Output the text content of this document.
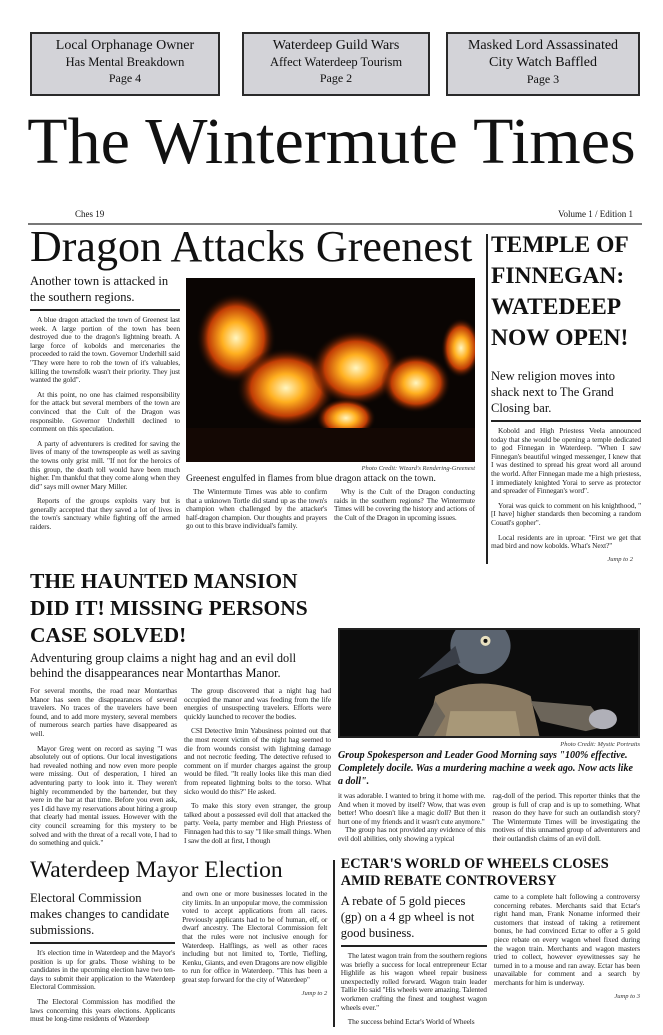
Local Orphanage Owner
Has Mental Breakdown
Page 4
Waterdeep Guild Wars
Affect Waterdeep Tourism
Page 2
Masked Lord Assassinated
City Watch Baffled
Page 3
The Wintermute Times
Ches 19	Volume 1 / Edition 1
Dragon Attacks Greenest
Another town is attacked in the southern regions.

A blue dragon attacked the town of Greenest last week. A large portion of the town has been destroyed due to the dragon's lightning breath. A large force of kobolds and mercenaries the proceeded to raid the town. Governor Underhill said "They were here to rob the town of it's valuables, killing the townsfolk wasn't their priority. They just wanted the gold".

At this point, no one has claimed responsibility for the attack but several members of the town are convinced that the Cult of the Dragon was responsible. Governor Underhill declined to comment on this speculation.

A party of adventurers is credited for saving the lives of many of the townspeople as well as saving the towns only grist mill. "If not for the heroics of this group, the death toll would have been much higher. I'm thankful that they come along when they did" says mill owner Mary Miller.

Reports of the groups exploits vary but is generally accepted that they saved a lot of lives in the town's sanctuary while fighting off the armed raiders.

Photo Credit: Wizard's Rendering-Greenest
Greenest engulfed in flames from blue dragon attack on the town.

The Wintermute Times was able to confirm that a unknown Tortle did stand up as the town's champion when challenged by the attacker's half-dragon champion. Our thoughts and prayers go out to this brave individual's family.

Why is the Cult of the Dragon conducting raids in the southern regions? The Wintermute Times will be covering the history and actions of the Cult of the Dragon in upcoming issues.

TEMPLE OF
FINNEGAN:
WATEDEEP
NOW OPEN!
New religion moves into shack next to The Grand Closing bar.

Kobold and High Priestess Veela announced today that she would be opening a temple dedicated to god Finnegan in Waterdeep. "When I saw Finnegan's beautiful winged messenger, I knew that I was destined to spread his great word all around the world. After Finnegan made me a high priestess, I immediately knighted Yorai to serve as protector and spreader of Finnegan's word".

Yorai was quick to comment on his knighthood, "[I have] higher standards then becoming a random Couatl's gopher".

Local residents are in uproar. "First we get that mad bird and now kobolds. What's Next?"

Jump to 2
THE HAUNTED MANSION
DID IT! MISSING PERSONS
CASE SOLVED!
Adventuring group claims a night hag and an evil doll behind the disappearances near Montarthas Manor.

For several months, the road near Montarthas Manor has seen the disappearances of several travelers. No traces of the travelers have been found, and to add more mystery, several members of numerous search parties have disappeared as well.

Mayor Greg went on record as saying "I was absolutely out of options. Our local investigations had revealed nothing and now even more people were missing. Out of desperation, I hired an adventuring party to look into it. They weren't highly recommended by the bartender, but they were in the bar at that time. Before you even ask, yes I did have my reservations about hiring a group that clearly had mental issues. However with the city council screaming for this mystery to be solved and with the threat of a recall vote, I had to do something and quick."

The group discovered that a night hag had occupied the manor and was feeding from the life energies of unsuspecting travelers. Efforts were quickly launched to recover the bodies.

CSI Detective Imin Yabusiness pointed out that the most recent victim of the night hag seemed to die from wounds consist with lightning damage and not necrotic feeding. The detective refused to comment on if murder charges against the group would be filed. "It really looks like this man died from repeated lightning bolts to the torso. What sicko would do this?" He asked.

To make this story even stranger, the group talked about a possessed evil doll that attacked the party. Veela, party member and High Priestess of Finnagen had this to say "I like small things. When I saw the doll at first, I though

Photo Credit: Mystic Portraits
Group Spokesperson and Leader Good Morning says "100% effective. Completely docile. Was a murdering machine a week ago. Now acts like a doll".

it was adorable. I wanted to bring it home with me. And when it moved by itself? Wow, that was even better! Who doesn't like a magic doll? But then it hurt one of my friends and it wasn't cute anymore."

The group has not provided any evidence of this evil doll abilities, only showing a typical

rag-doll of the period. This reporter thinks that the group is full of crap and is up to something. What reason do they have for such an outlandish story? The Wintermute Times will be investigating the motives of this unnamed group of adventurers and their outlandish claims of an evil doll.

Waterdeep Mayor Election
Electoral Commission makes changes to candidate submissions.

It's election time in Waterdeep and the Mayor's position is up for grabs. Those wishing to be candidates in the upcoming election have two ten-days to submit their application to the Waterdeep Electoral Commission.

The Electoral Commission has modified the laws concerning this years elections. Applicants must be long-time residents of Waterdeep

and own one or more businesses located in the city limits. In an unpopular move, the commission voted to accept applications from all races. Previously applicants had to be of human, elf, or dwarf ancestry. The Electoral Commission felt that the rules were not inclusive enough for Waterdeep. Halflings, as well as other races including but not limited to, Tortle, Tiefling, Kenku, Giants, and even Dragons are now eligible to run for office in Waterdeep. "This has been a great step forward for the city of Waterdeep"

Jump to 2
ECTAR'S WORLD OF WHEELS CLOSES
AMID REBATE CONTROVERSY
A rebate of 5 gold pieces (gp) on a 4 gp wheel is not good business.

The latest wagon train from the southern regions was briefly a success for local entrepreneur Ectar Highlife as his wagon wheel repair business unexpectedly rolled forward. Wagon train leader Tallie Ho said "His wheels were amazing. Talented workmen crafting the finest and toughest wagon wheels ever."

The success behind Ectar's World of Wheels

came to a complete halt following a controversy concerning rebates. Merchants said that Ectar's right hand man, Frank Noname informed their customers that instead of taking a retirement bonus, he had convinced Ectar to offer a 5 gold piece rebate on every wagon wheel fixed during the wagon train. Merchants and wagon masters tried to collect, however eyewitnesses say he turned in to a mouse and ran away. Ectar has been unavailable for comment and a search by merchants for him is underway.

Jump to 3
